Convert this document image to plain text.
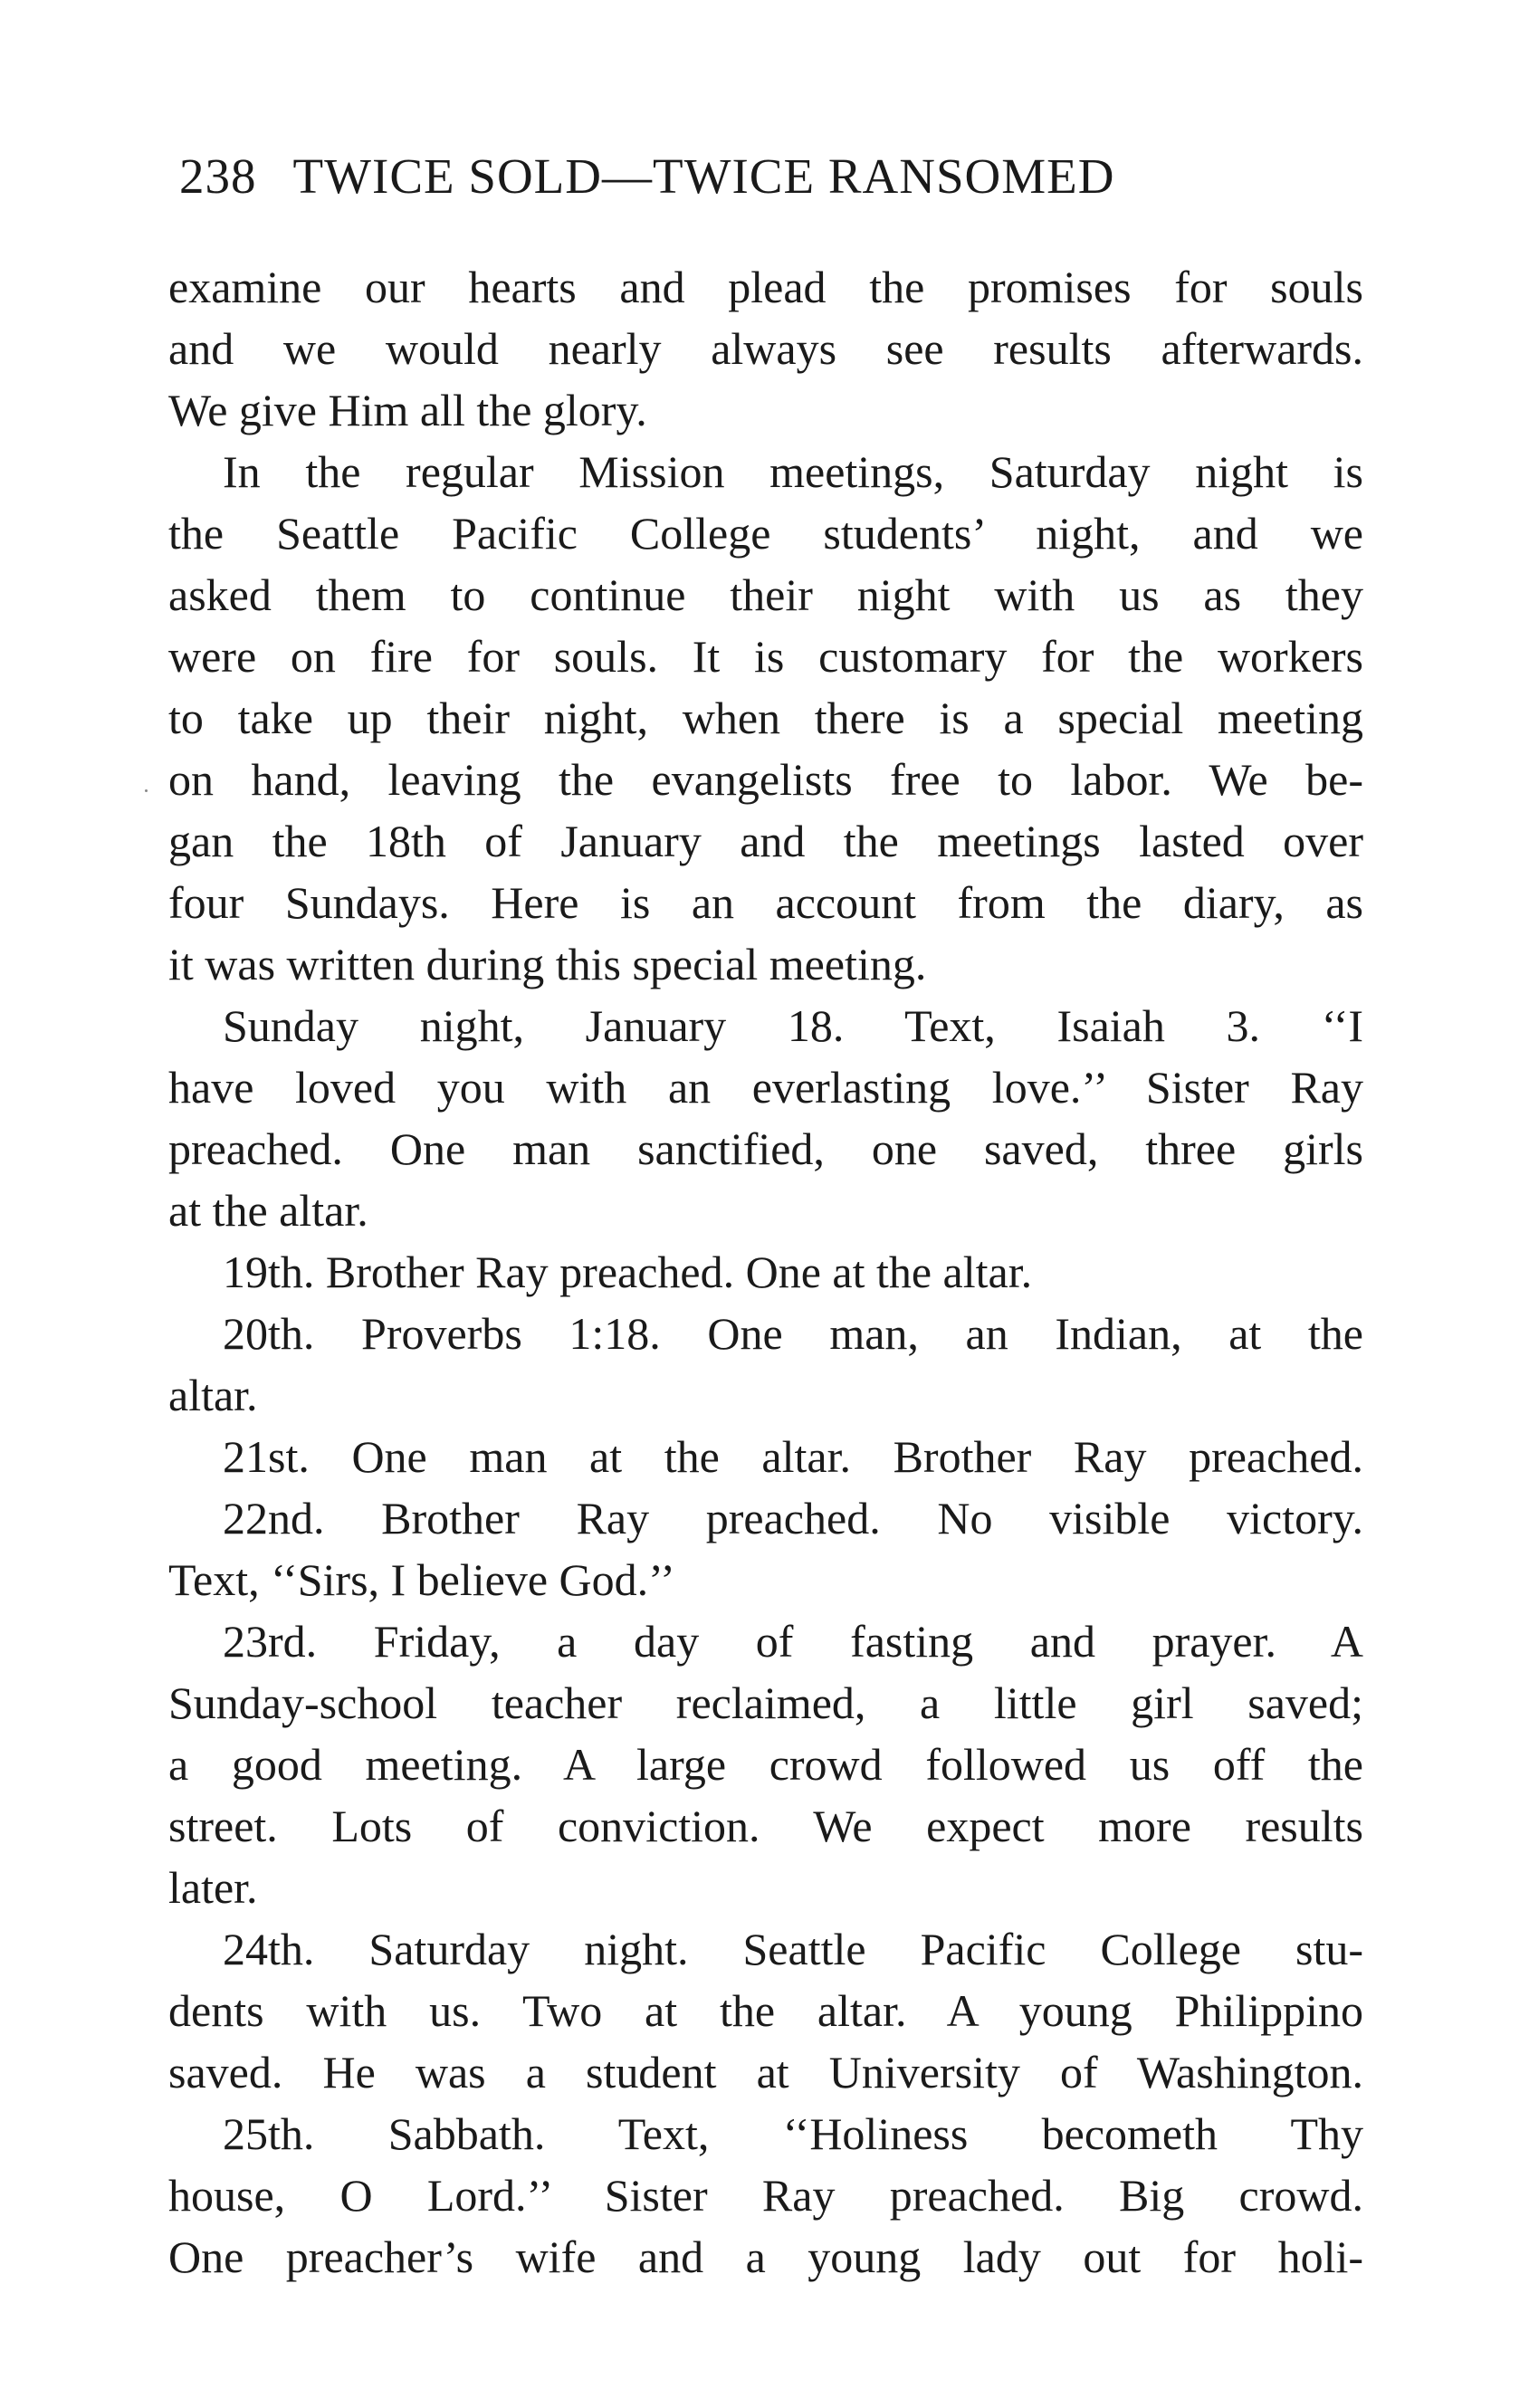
238 TWICE SOLD—TWICE RANSOMED
examine our hearts and plead the promises for souls
and we would nearly always see results afterwards.
We give Him all the glory.
In the regular Mission meetings, Saturday night is
the Seattle Pacific College students’ night, and we
asked them to continue their night with us as they
were on fire for souls. It is customary for the workers
to take up their night, when there is a special meeting
on hand, leaving the evangelists free to labor. We be-
gan the 18th of January and the meetings lasted over
four Sundays. Here is an account from the diary, as
it was written during this special meeting.
Sunday night, January 18. Text, Isaiah 3. ‘‘I
have loved you with an everlasting love.’’ Sister Ray
preached. One man sanctified, one saved, three girls
at the altar.
19th. Brother Ray preached. One at the altar.
20th. Proverbs 1:18. One man, an Indian, at the
altar.
21st. One man at the altar. Brother Ray preached.
22nd. Brother Ray preached. No visible victory.
Text, ‘‘Sirs, I believe God.’’
23rd. Friday, a day of fasting and prayer. A
Sunday-school teacher reclaimed, a little girl saved;
a good meeting. A large crowd followed us off the
street. Lots of conviction. We expect more results
later.
24th. Saturday night. Seattle Pacific College stu-
dents with us. Two at the altar. A young Philippino
saved. He was a student at University of Washington.
25th. Sabbath. Text, ‘‘Holiness becometh Thy
house, O Lord.’’ Sister Ray preached. Big crowd.
One preacher’s wife and a young lady out for holi-
